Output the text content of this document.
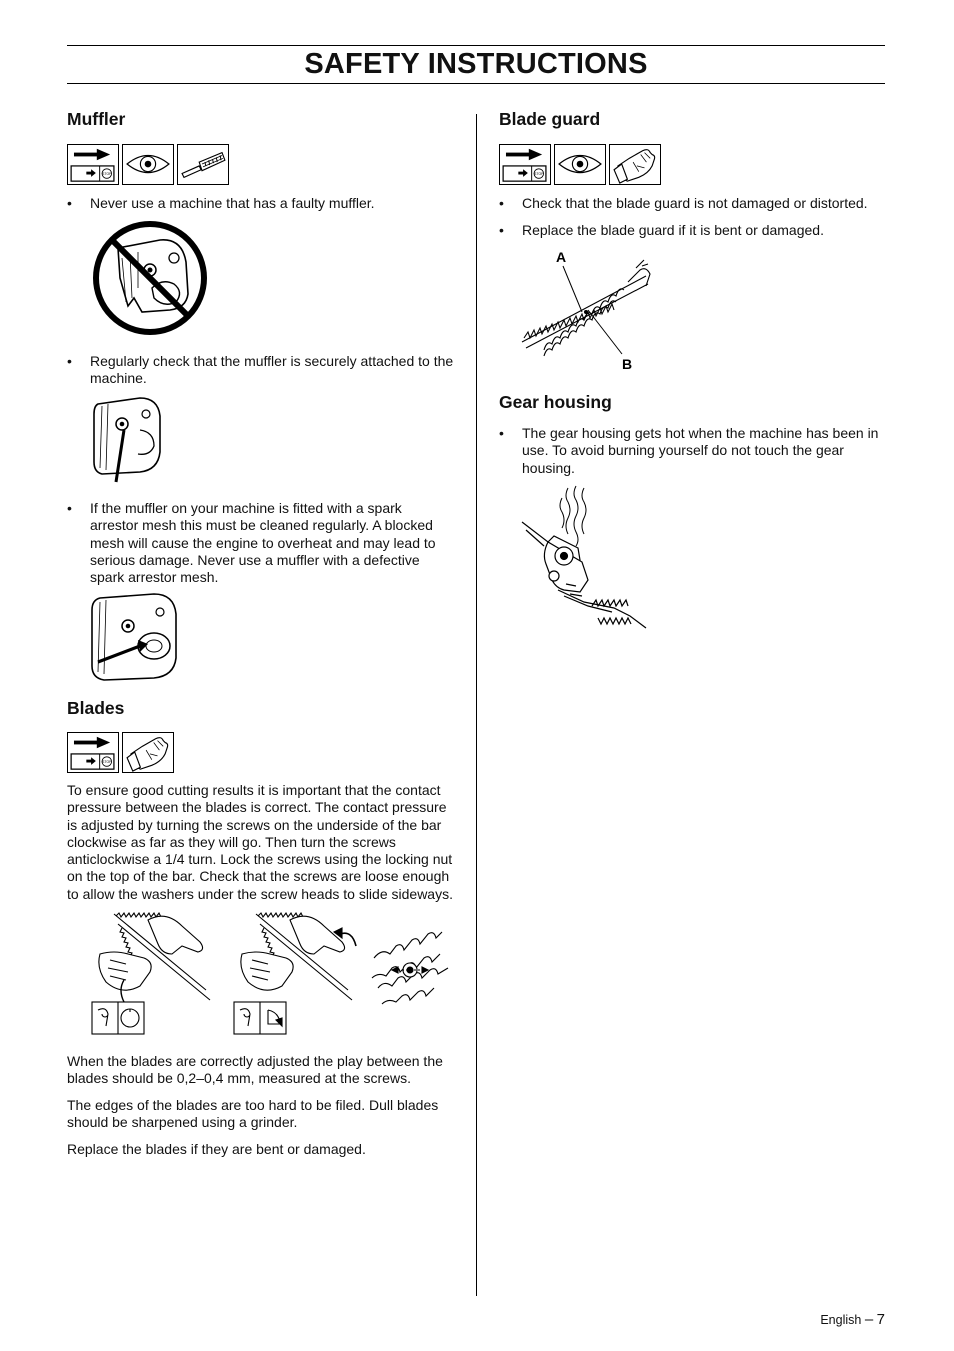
SAFETY INSTRUCTIONS
Muffler
• Never use a machine that has a faulty muffler.
• Regularly check that the muffler is securely attached to the machine.
• If the muffler on your machine is fitted with a spark arrestor mesh this must be cleaned regularly. A blocked mesh will cause the engine to overheat and may lead to serious damage. Never use a muffler with a defective spark arrestor mesh.
Blades

To ensure good cutting results it is important that the contact pressure between the blades is correct. The contact pressure is adjusted by turning the screws on the underside of the bar clockwise as far as they will go. Then turn the screws anticlockwise a 1/4 turn. Lock the screws using the locking nut on the top of the bar. Check that the screws are loose enough to allow the washers under the screw heads to slide sideways.

When the blades are correctly adjusted the play between the blades should be 0,2–0,4 mm, measured at the screws.

The edges of the blades are too hard to be filed. Dull blades should be sharpened using a grinder.

Replace the blades if they are bent or damaged.

Blade guard
• Check that the blade guard is not damaged or distorted.
• Replace the blade guard if it is bent or damaged.
A
B
Gear housing
• The gear housing gets hot when the machine has been in use. To avoid burning yourself do not touch the gear housing.
English – 7
